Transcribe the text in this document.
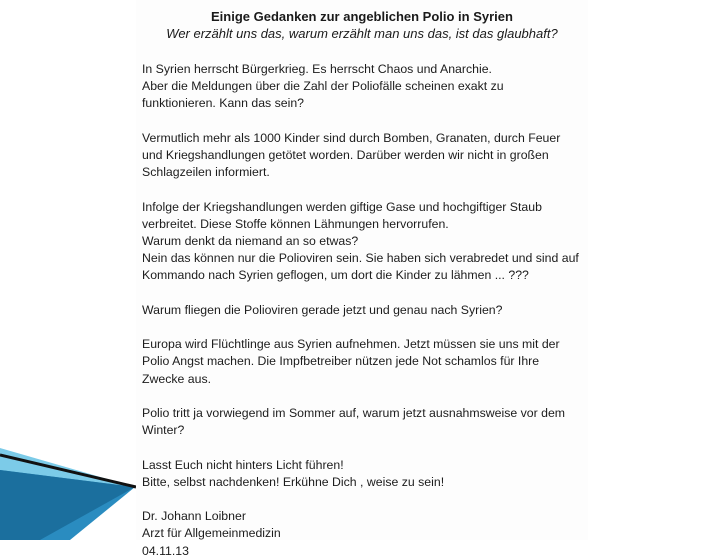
Einige Gedanken zur angeblichen Polio in Syrien
Wer erzählt uns das, warum erzählt man uns das, ist das glaubhaft?
In Syrien herrscht Bürgerkrieg. Es herrscht Chaos und Anarchie.
Aber die Meldungen über die Zahl der Poliofälle scheinen exakt zu
funktionieren. Kann das sein?
Vermutlich mehr als 1000 Kinder sind durch Bomben, Granaten, durch Feuer
und Kriegshandlungen getötet worden. Darüber werden wir nicht in großen
Schlagzeilen informiert.
Infolge der Kriegshandlungen werden giftige Gase und hochgiftiger Staub
verbreitet. Diese Stoffe können Lähmungen hervorrufen.
Warum denkt da niemand an so etwas?
Nein das können nur die Polioviren sein. Sie haben sich verabredet und sind auf
Kommando nach Syrien geflogen, um dort die Kinder zu lähmen ... ???
Warum fliegen die Polioviren gerade jetzt und genau nach Syrien?
Europa wird Flüchtlinge aus Syrien aufnehmen. Jetzt müssen sie uns mit der
Polio Angst machen. Die Impfbetreiber nützen jede Not schamlos für Ihre
Zwecke aus.
Polio tritt ja vorwiegend im Sommer auf, warum jetzt ausnahmsweise vor dem
Winter?
Lasst Euch nicht hinters Licht führen!
Bitte, selbst nachdenken! Erkühne Dich , weise zu sein!
Dr. Johann Loibner
Arzt für Allgemeinmedizin
04.11.13
